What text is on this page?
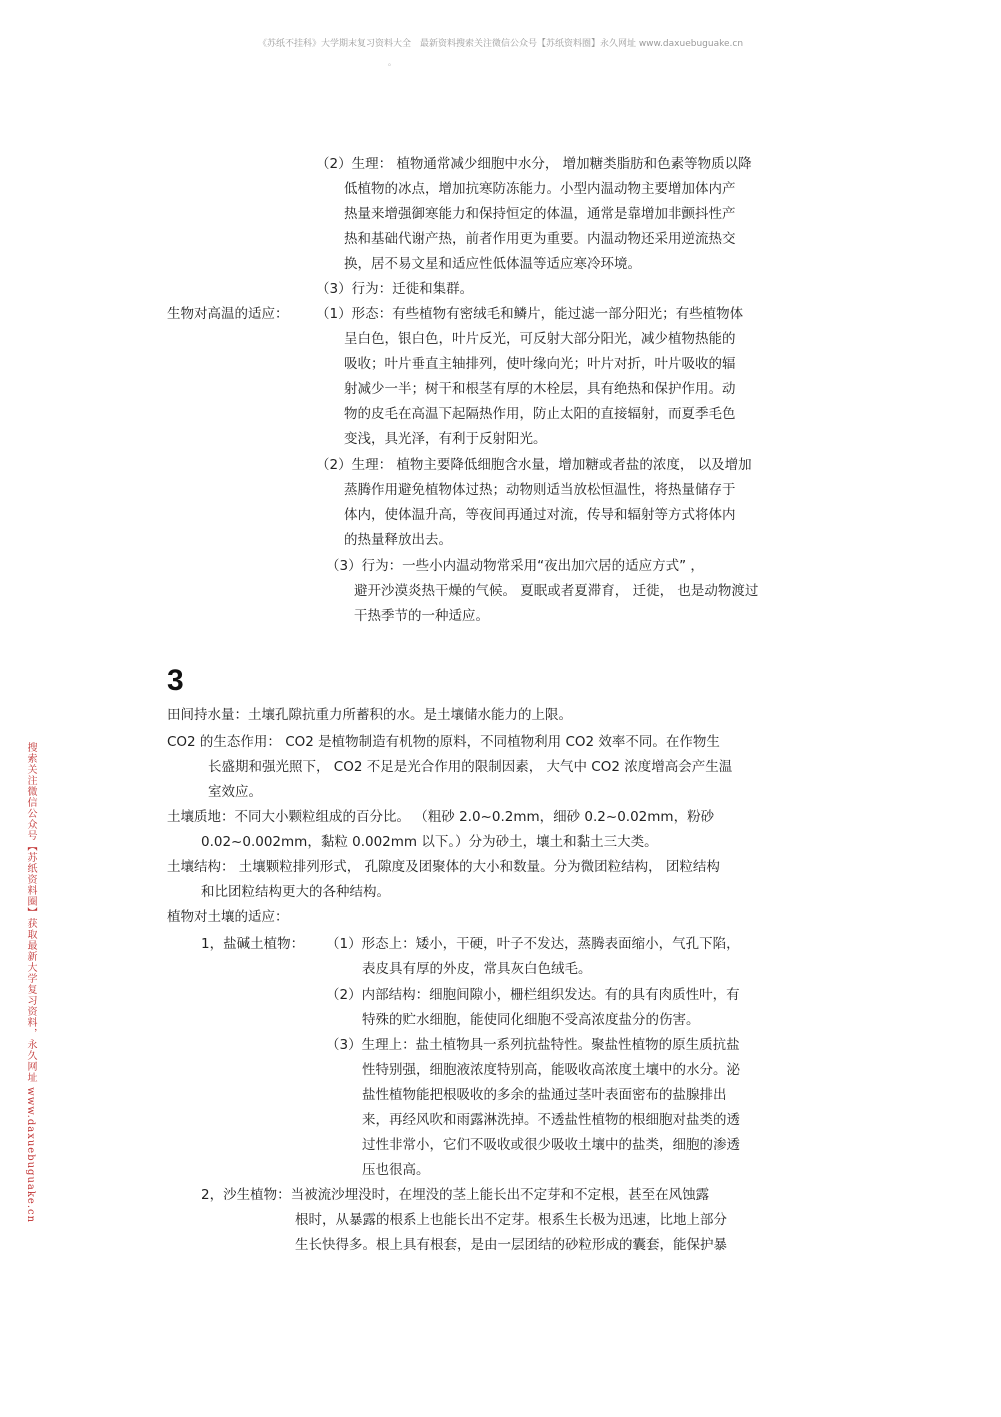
《苏纸不挂科》大学期末复习资料大全　最新资料搜索关注微信公众号【苏纸资料圈】永久网址 www.daxuebuguake.cn
。
搜索关注微信公众号【苏纸资料圈】获取最新大学复习资料，永久网址 www.daxuebuguake.cn
（2）生理： 植物通常减少细胞中水分， 增加糖类脂肪和色素等物质以降
低植物的冰点，增加抗寒防冻能力。小型内温动物主要增加体内产
热量来增强御寒能力和保持恒定的体温，通常是靠增加非颤抖性产
热和基础代谢产热，前者作用更为重要。内温动物还采用逆流热交
换，居不易文星和适应性低体温等适应寒冷环境。
（3）行为：迁徙和集群。
生物对高温的适应： （1）形态：有些植物有密绒毛和鳞片，能过滤一部分阳光；有些植物体
呈白色，银白色，叶片反光，可反射大部分阳光，减少植物热能的
吸收；叶片垂直主轴排列，使叶缘向光；叶片对折，叶片吸收的辐
射减少一半；树干和根茎有厚的木栓层，具有绝热和保护作用。动
物的皮毛在高温下起隔热作用，防止太阳的直接辐射，而夏季毛色
变浅，具光泽，有利于反射阳光。
（2）生理： 植物主要降低细胞含水量，增加糖或者盐的浓度， 以及增加
蒸腾作用避免植物体过热；动物则适当放松恒温性，将热量储存于
体内，使体温升高，等夜间再通过对流，传导和辐射等方式将体内
的热量释放出去。
（3）行为：一些小内温动物常采用“夜出加穴居的适应方式” ，
避开沙漠炎热干燥的气候。 夏眠或者夏滞育， 迁徙， 也是动物渡过
干热季节的一种适应。
3
田间持水量：土壤孔隙抗重力所蓄积的水。是土壤储水能力的上限。
CO2 的生态作用： CO2 是植物制造有机物的原料，不同植物利用 CO2 效率不同。在作物生
长盛期和强光照下， CO2 不足是光合作用的限制因素， 大气中 CO2 浓度增高会产生温
室效应。
土壤质地：不同大小颗粒组成的百分比。 （粗砂 2.0~0.2mm，细砂 0.2~0.02mm，粉砂
0.02~0.002mm，黏粒 0.002mm 以下。）分为砂土，壤土和黏土三大类。
土壤结构： 土壤颗粒排列形式， 孔隙度及团聚体的大小和数量。分为微团粒结构， 团粒结构
和比团粒结构更大的各种结构。
植物对土壤的适应：
1，盐碱土植物： （1）形态上：矮小，干硬，叶子不发达，蒸腾表面缩小，气孔下陷，
表皮具有厚的外皮，常具灰白色绒毛。
（2）内部结构：细胞间隙小，栅栏组织发达。有的具有肉质性叶，有
特殊的贮水细胞，能使同化细胞不受高浓度盐分的伤害。
（3）生理上：盐土植物具一系列抗盐特性。聚盐性植物的原生质抗盐
性特别强，细胞液浓度特别高，能吸收高浓度土壤中的水分。泌
盐性植物能把根吸收的多余的盐通过茎叶表面密布的盐腺排出
来，再经风吹和雨露淋洗掉。不透盐性植物的根细胞对盐类的透
过性非常小，它们不吸收或很少吸收土壤中的盐类，细胞的渗透
压也很高。
2，沙生植物：当被流沙埋没时，在埋没的茎上能长出不定芽和不定根，甚至在风蚀露
根时，从暴露的根系上也能长出不定芽。根系生长极为迅速，比地上部分
生长快得多。根上具有根套，是由一层团结的砂粒形成的囊套，能保护暴
